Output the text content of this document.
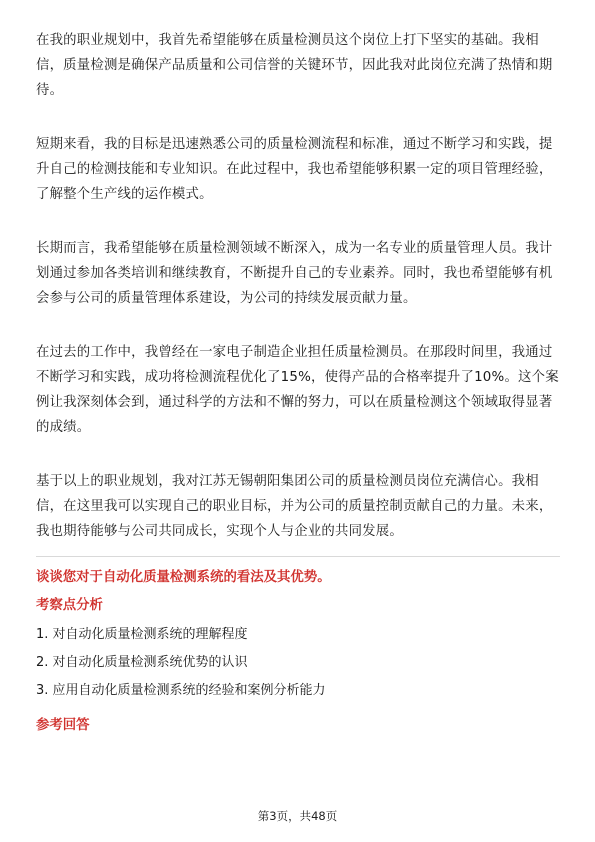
在我的职业规划中，我首先希望能够在质量检测员这个岗位上打下坚实的基础。我相信，质量检测是确保产品质量和公司信誉的关键环节，因此我对此岗位充满了热情和期待。

短期来看，我的目标是迅速熟悉公司的质量检测流程和标准，通过不断学习和实践，提升自己的检测技能和专业知识。在此过程中，我也希望能够积累一定的项目管理经验，了解整个生产线的运作模式。

长期而言，我希望能够在质量检测领域不断深入，成为一名专业的质量管理人员。我计划通过参加各类培训和继续教育，不断提升自己的专业素养。同时，我也希望能够有机会参与公司的质量管理体系建设，为公司的持续发展贡献力量。

在过去的工作中，我曾经在一家电子制造企业担任质量检测员。在那段时间里，我通过不断学习和实践，成功将检测流程优化了15%，使得产品的合格率提升了10%。这个案例让我深刻体会到，通过科学的方法和不懈的努力，可以在质量检测这个领域取得显著的成绩。

基于以上的职业规划，我对江苏无锡朝阳集团公司的质量检测员岗位充满信心。我相信，在这里我可以实现自己的职业目标，并为公司的质量控制贡献自己的力量。未来，我也期待能够与公司共同成长，实现个人与企业的共同发展。

谈谈您对于自动化质量检测系统的看法及其优势。
考察点分析
1. 对自动化质量检测系统的理解程度
2. 对自动化质量检测系统优势的认识
3. 应用自动化质量检测系统的经验和案例分析能力
参考回答
第3页，共48页
